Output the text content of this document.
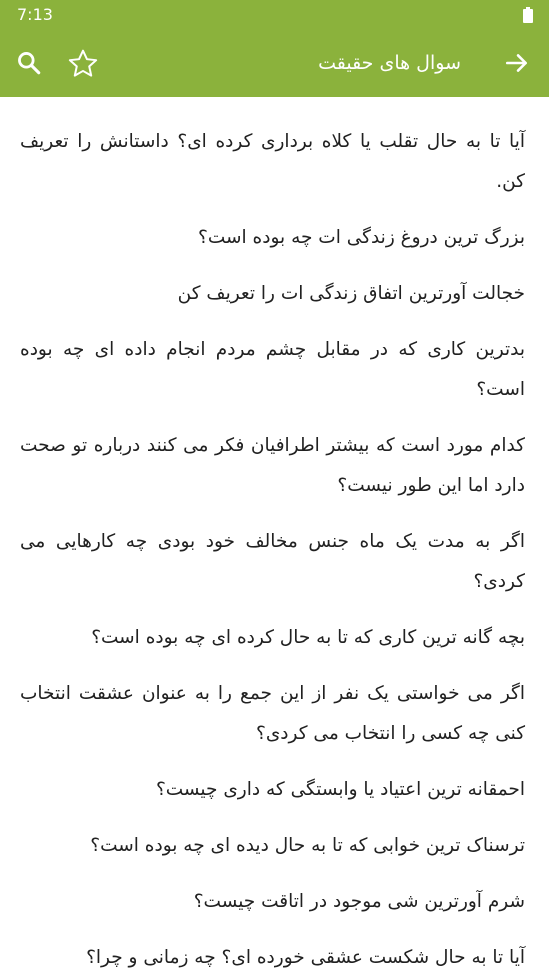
7:13
سوال های حقیقت
آیا تا به حال تقلب یا کلاه برداری کرده ای؟ داستانش را تعریف کن.
بزرگ ترین دروغ زندگی ات چه بوده است؟
خجالت آورترین اتفاق زندگی ات را تعریف کن
بدترین کاری که در مقابل چشم مردم انجام داده ای چه بوده است؟
کدام مورد است که بیشتر اطرافیان فکر می کنند درباره تو صحت دارد اما این طور نیست؟
اگر به مدت یک ماه جنس مخالف خود بودی چه کارهایی می کردی؟
بچه گانه ترین کاری که تا به حال کرده ای چه بوده است؟
اگر می خواستی یک نفر از این جمع را به عنوان عشقت انتخاب کنی چه کسی را انتخاب می کردی؟
احمقانه ترین اعتیاد یا وابستگی که داری چیست؟
ترسناک ترین خوابی که تا به حال دیده ای چه بوده است؟
شرم آورترین شی موجود در اتاقت چیست؟
آیا تا به حال شکست عشقی خورده ای؟ چه زمانی و چرا؟
